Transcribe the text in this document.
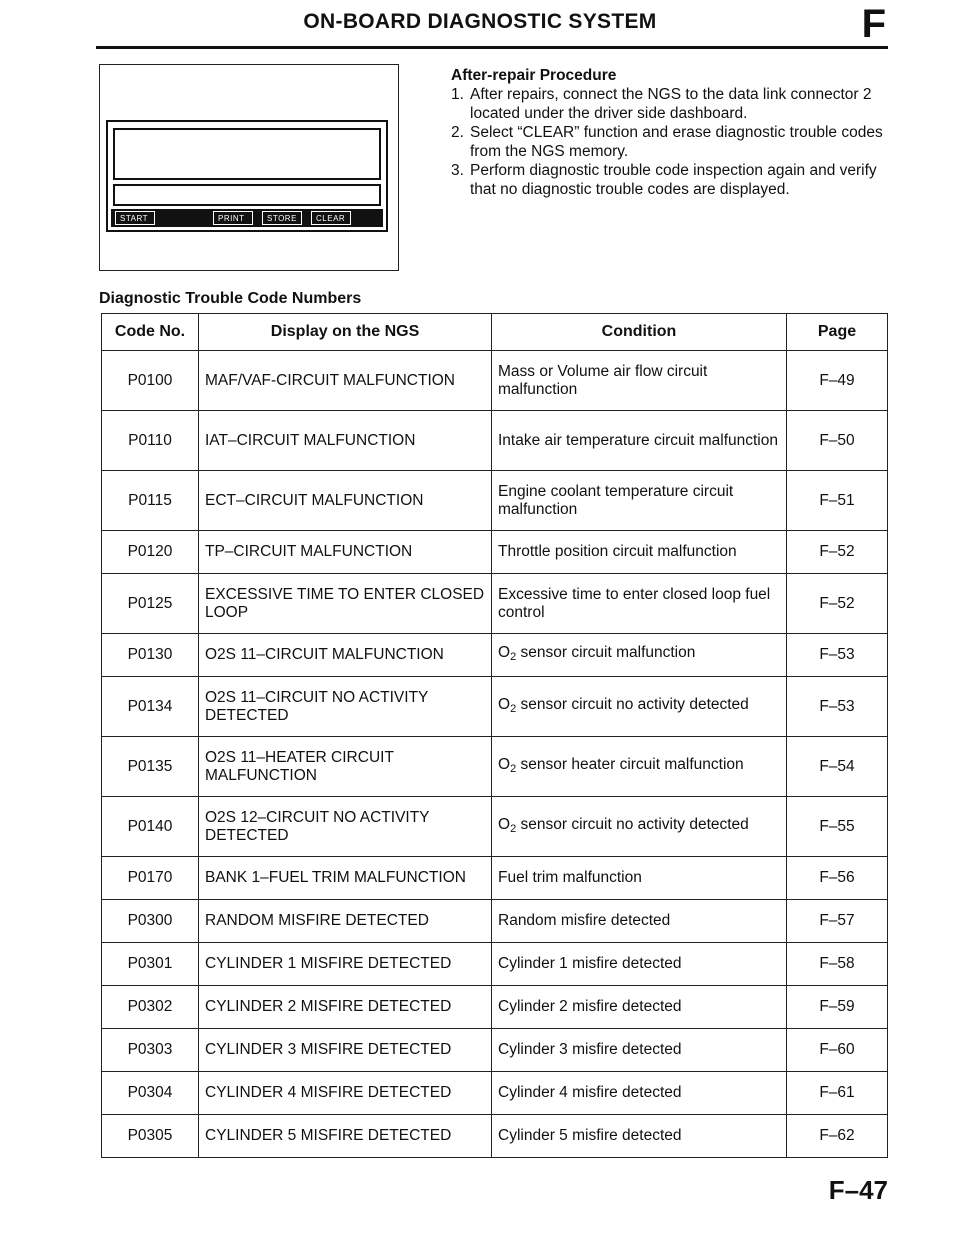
ON-BOARD DIAGNOSTIC SYSTEM	F
START	PRINT	STORE	CLEAR
After-repair Procedure
1. After repairs, connect the NGS to the data link connector 2 located under the driver side dashboard.
2. Select “CLEAR” function and erase diagnostic trouble codes from the NGS memory.
3. Perform diagnostic trouble code inspection again and verify that no diagnostic trouble codes are displayed.
Diagnostic Trouble Code Numbers
Code No.	Display on the NGS	Condition	Page
P0100	MAF/VAF-CIRCUIT MALFUNCTION	Mass or Volume air flow circuit malfunction	F–49
P0110	IAT–CIRCUIT MALFUNCTION	Intake air temperature circuit malfunction	F–50
P0115	ECT–CIRCUIT MALFUNCTION	Engine coolant temperature circuit malfunction	F–51
P0120	TP–CIRCUIT MALFUNCTION	Throttle position circuit malfunction	F–52
P0125	EXCESSIVE TIME TO ENTER CLOSED LOOP	Excessive time to enter closed loop fuel control	F–52
P0130	O2S 11–CIRCUIT MALFUNCTION	$O_2$ sensor circuit malfunction	F–53
P0134	O2S 11–CIRCUIT NO ACTIVITY DETECTED	$O_2$ sensor circuit no activity detected	F–53
P0135	O2S 11–HEATER CIRCUIT MALFUNCTION	$O_2$ sensor heater circuit malfunction	F–54
P0140	O2S 12–CIRCUIT NO ACTIVITY DETECTED	$O_2$ sensor circuit no activity detected	F–55
P0170	BANK 1–FUEL TRIM MALFUNCTION	Fuel trim malfunction	F–56
P0300	RANDOM MISFIRE DETECTED	Random misfire detected	F–57
P0301	CYLINDER 1 MISFIRE DETECTED	Cylinder 1 misfire detected	F–58
P0302	CYLINDER 2 MISFIRE DETECTED	Cylinder 2 misfire detected	F–59
P0303	CYLINDER 3 MISFIRE DETECTED	Cylinder 3 misfire detected	F–60
P0304	CYLINDER 4 MISFIRE DETECTED	Cylinder 4 misfire detected	F–61
P0305	CYLINDER 5 MISFIRE DETECTED	Cylinder 5 misfire detected	F–62
F–47
